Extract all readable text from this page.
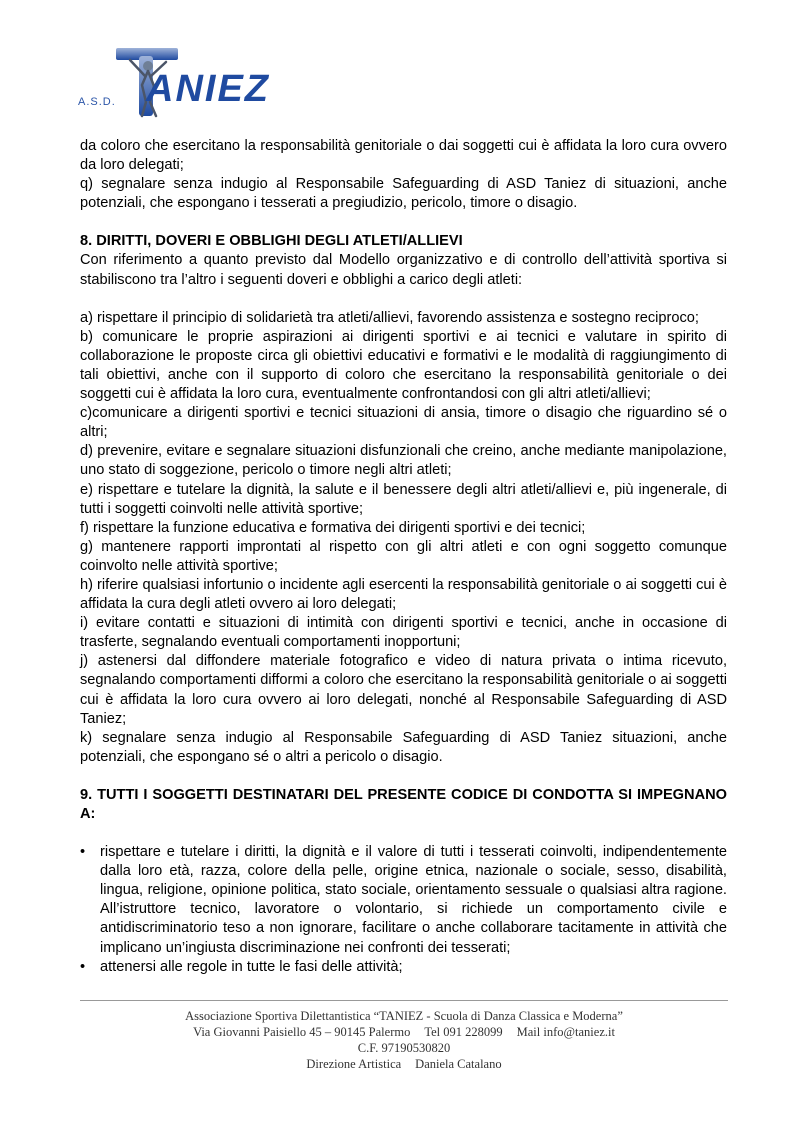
A.S.D. ANIEZ

da coloro che esercitano la responsabilità genitoriale o dai soggetti cui è affidata la loro cura ovvero da loro delegati;

q) segnalare senza indugio al Responsabile Safeguarding di ASD Taniez di situazioni, anche potenziali, che espongano i tesserati a pregiudizio, pericolo, timore o disagio.

8. DIRITTI, DOVERI E OBBLIGHI DEGLI ATLETI/ALLIEVI

Con riferimento a quanto previsto dal Modello organizzativo e di controllo dell’attività sportiva si stabiliscono tra l’altro i seguenti doveri e obblighi a carico degli atleti:

a) rispettare il principio di solidarietà tra atleti/allievi, favorendo assistenza e sostegno reciproco;

b) comunicare le proprie aspirazioni ai dirigenti sportivi e ai tecnici e valutare in spirito di collaborazione le proposte circa gli obiettivi educativi e formativi e le modalità di raggiungimento di tali obiettivi, anche con il supporto di coloro che esercitano la responsabilità genitoriale o dei soggetti cui è affidata la loro cura, eventualmente confrontandosi con gli altri atleti/allievi;

c)comunicare a dirigenti sportivi e tecnici situazioni di ansia, timore o disagio che riguardino sé o altri;

d) prevenire, evitare e segnalare situazioni disfunzionali che creino, anche mediante manipolazione, uno stato di soggezione, pericolo o timore negli altri atleti;

e) rispettare e tutelare la dignità, la salute e il benessere degli altri atleti/allievi e, più ingenerale, di tutti i soggetti coinvolti nelle attività sportive;

f) rispettare la funzione educativa e formativa dei dirigenti sportivi e dei tecnici;

g) mantenere rapporti improntati al rispetto con gli altri atleti e con ogni soggetto comunque coinvolto nelle attività sportive;

h) riferire qualsiasi infortunio o incidente agli esercenti la responsabilità genitoriale o ai soggetti cui è affidata la cura degli atleti ovvero ai loro delegati;

i) evitare contatti e situazioni di intimità con dirigenti sportivi e tecnici, anche in occasione di trasferte, segnalando eventuali comportamenti inopportuni;

j) astenersi dal diffondere materiale fotografico e video di natura privata o intima ricevuto, segnalando comportamenti difformi a coloro che esercitano la responsabilità genitoriale o ai soggetti cui è affidata la loro cura ovvero ai loro delegati, nonché al Responsabile Safeguarding di ASD Taniez;

k) segnalare senza indugio al Responsabile Safeguarding di ASD Taniez situazioni, anche potenziali, che espongano sé o altri a pericolo o disagio.

9. TUTTI I SOGGETTI DESTINATARI DEL PRESENTE CODICE DI CONDOTTA SI IMPEGNANO A:

• rispettare e tutelare i diritti, la dignità e il valore di tutti i tesserati coinvolti, indipendentemente dalla loro età, razza, colore della pelle, origine etnica, nazionale o sociale, sesso, disabilità, lingua, religione, opinione politica, stato sociale, orientamento sessuale o qualsiasi altra ragione. All’istruttore tecnico, lavoratore o volontario, si richiede un comportamento civile e antidiscriminatorio teso a non ignorare, facilitare o anche collaborare tacitamente in attività che implicano un’ingiusta discriminazione nei confronti dei tesserati;
• attenersi alle regole in tutte le fasi delle attività;
Associazione Sportiva Dilettantistica “TANIEZ - Scuola di Danza Classica e Moderna”
Via Giovanni Paisiello 45 – 90145 Palermo Tel 091 228099 Mail info@taniez.it
C.F. 97190530820
Direzione Artistica Daniela Catalano
